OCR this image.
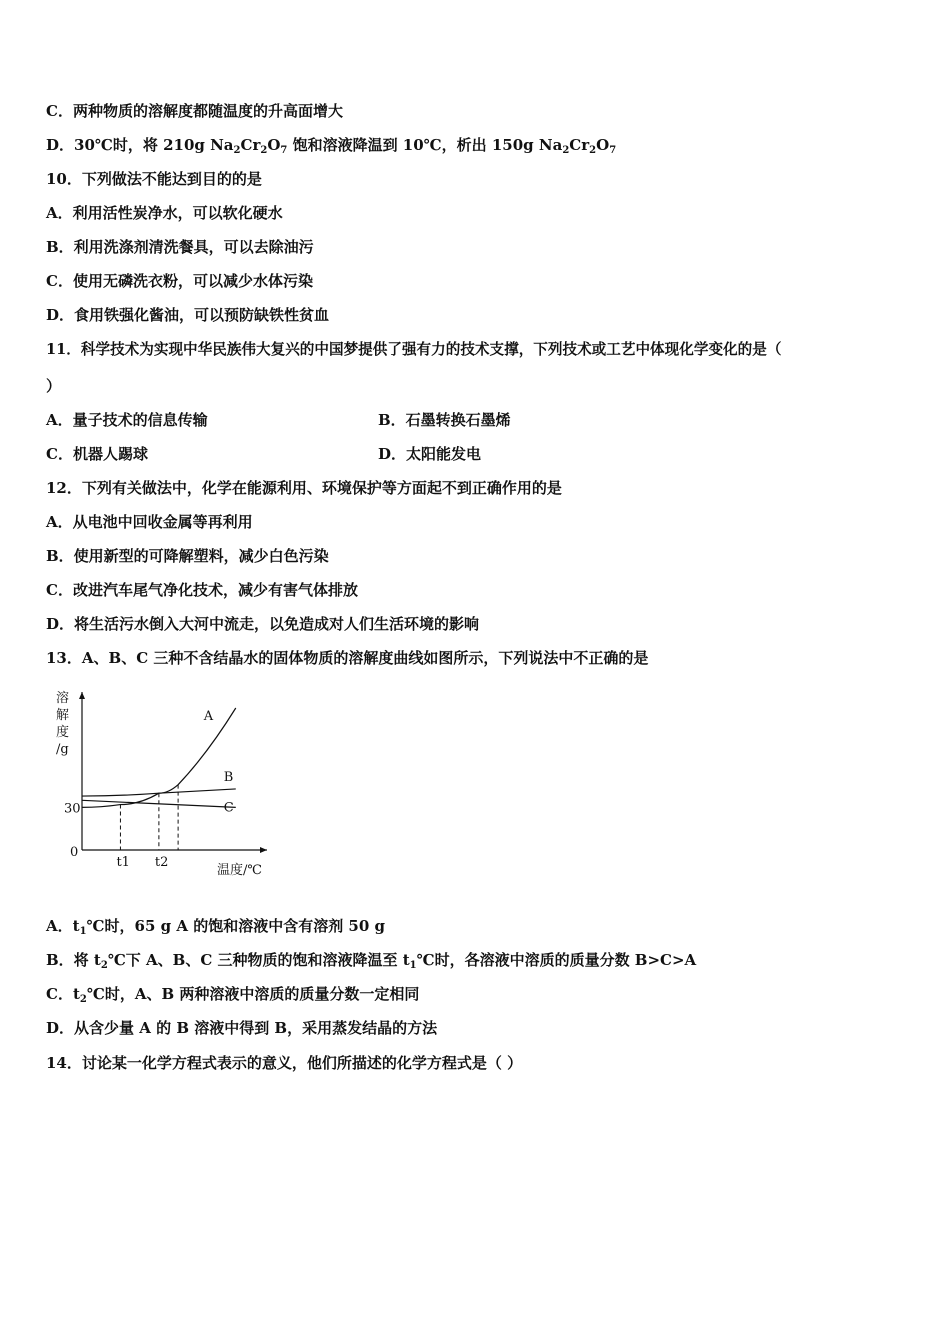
C．两种物质的溶解度都随温度的升高面增大
D．30℃时，将 210g $Na_2Cr_2O_7$ 饱和溶液降温到 10℃，析出 150g $Na_2Cr_2O_7$
10．下列做法不能达到目的的是
A．利用活性炭净水，可以软化硬水
B．利用洗涤剂清洗餐具，可以去除油污
C．使用无磷洗衣粉，可以减少水体污染
D．食用铁强化酱油，可以预防缺铁性贫血
11．科学技术为实现中华民族伟大复兴的中国梦提供了强有力的技术支撑，下列技术或工艺中体现化学变化的是（
）
A．量子技术的信息传输	B．石墨转换石墨烯
C．机器人踢球	D．太阳能发电
12．下列有关做法中，化学在能源利用、环境保护等方面起不到正确作用的是
A．从电池中回收金属等再利用
B．使用新型的可降解塑料，减少白色污染
C．改进汽车尾气净化技术，减少有害气体排放
D．将生活污水倒入大河中流走，以免造成对人们生活环境的影响
13．A、B、C 三种不含结晶水的固体物质的溶解度曲线如图所示，下列说法中不正确的是
溶
解
度
/g
温度/℃
0
30
t1 t2
A
B
C
A．$t_1℃$时，65 g A 的饱和溶液中含有溶剂 50 g
B．将 $t_2℃$下 A、B、C 三种物质的饱和溶液降温至 $t_1℃$时，各溶液中溶质的质量分数 B>C>A
C．$t_2℃$时，A、B 两种溶液中溶质的质量分数一定相同
D．从含少量 A 的 B 溶液中得到 B，采用蒸发结晶的方法
14．讨论某一化学方程式表示的意义，他们所描述的化学方程式是（ ）
